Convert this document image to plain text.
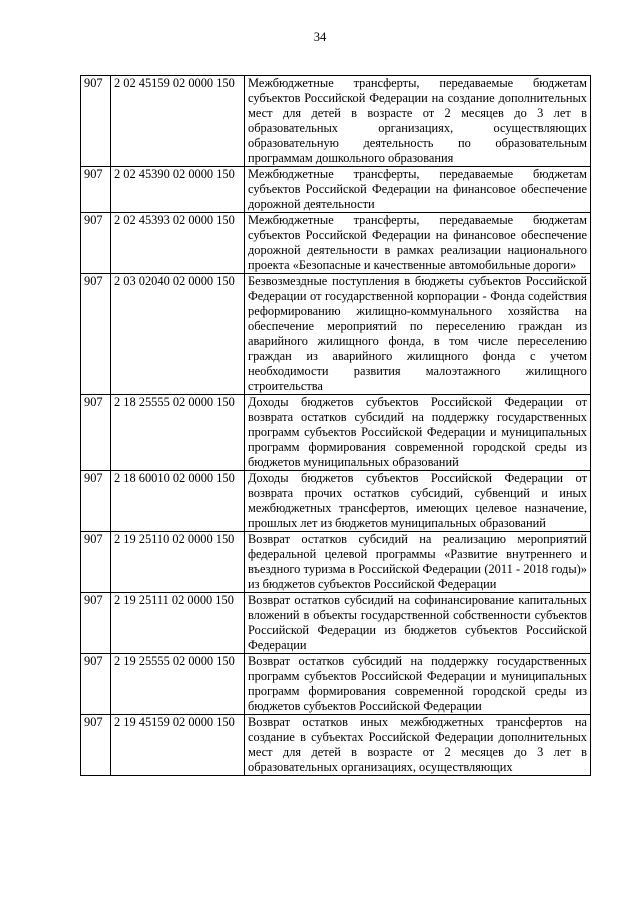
34
907	2 02 45159 02 0000 150	Межбюджетные трансферты, передаваемые бюджетам субъектов Российской Федерации на создание дополнительных мест для детей в возрасте от 2 месяцев до 3 лет в образовательных организациях, осуществляющих образовательную деятельность по образовательным программам дошкольного образования
907	2 02 45390 02 0000 150	Межбюджетные трансферты, передаваемые бюджетам субъектов Российской Федерации на финансовое обеспечение дорожной деятельности
907	2 02 45393 02 0000 150	Межбюджетные трансферты, передаваемые бюджетам субъектов Российской Федерации на финансовое обеспечение дорожной деятельности в рамках реализации национального проекта «Безопасные и качественные автомобильные дороги»
907	2 03 02040 02 0000 150	Безвозмездные поступления в бюджеты субъектов Российской Федерации от государственной корпорации - Фонда содействия реформированию жилищно-коммунального хозяйства на обеспечение мероприятий по переселению граждан из аварийного жилищного фонда, в том числе переселению граждан из аварийного жилищного фонда с учетом необходимости развития малоэтажного жилищного строительства
907	2 18 25555 02 0000 150	Доходы бюджетов субъектов Российской Федерации от возврата остатков субсидий на поддержку государственных программ субъектов Российской Федерации и муниципальных программ формирования современной городской среды из бюджетов муниципальных образований
907	2 18 60010 02 0000 150	Доходы бюджетов субъектов Российской Федерации от возврата прочих остатков субсидий, субвенций и иных межбюджетных трансфертов, имеющих целевое назначение, прошлых лет из бюджетов муниципальных образований
907	2 19 25110 02 0000 150	Возврат остатков субсидий на реализацию мероприятий федеральной целевой программы «Развитие внутреннего и въездного туризма в Российской Федерации (2011 - 2018 годы)» из бюджетов субъектов Российской Федерации
907	2 19 25111 02 0000 150	Возврат остатков субсидий на софинансирование капитальных вложений в объекты государственной собственности субъектов Российской Федерации из бюджетов субъектов Российской Федерации
907	2 19 25555 02 0000 150	Возврат остатков субсидий на поддержку государственных программ субъектов Российской Федерации и муниципальных программ формирования современной городской среды из бюджетов субъектов Российской Федерации
907	2 19 45159 02 0000 150	Возврат остатков иных межбюджетных трансфертов на создание в субъектах Российской Федерации дополнительных мест для детей в возрасте от 2 месяцев до 3 лет в образовательных организациях, осуществляющих
